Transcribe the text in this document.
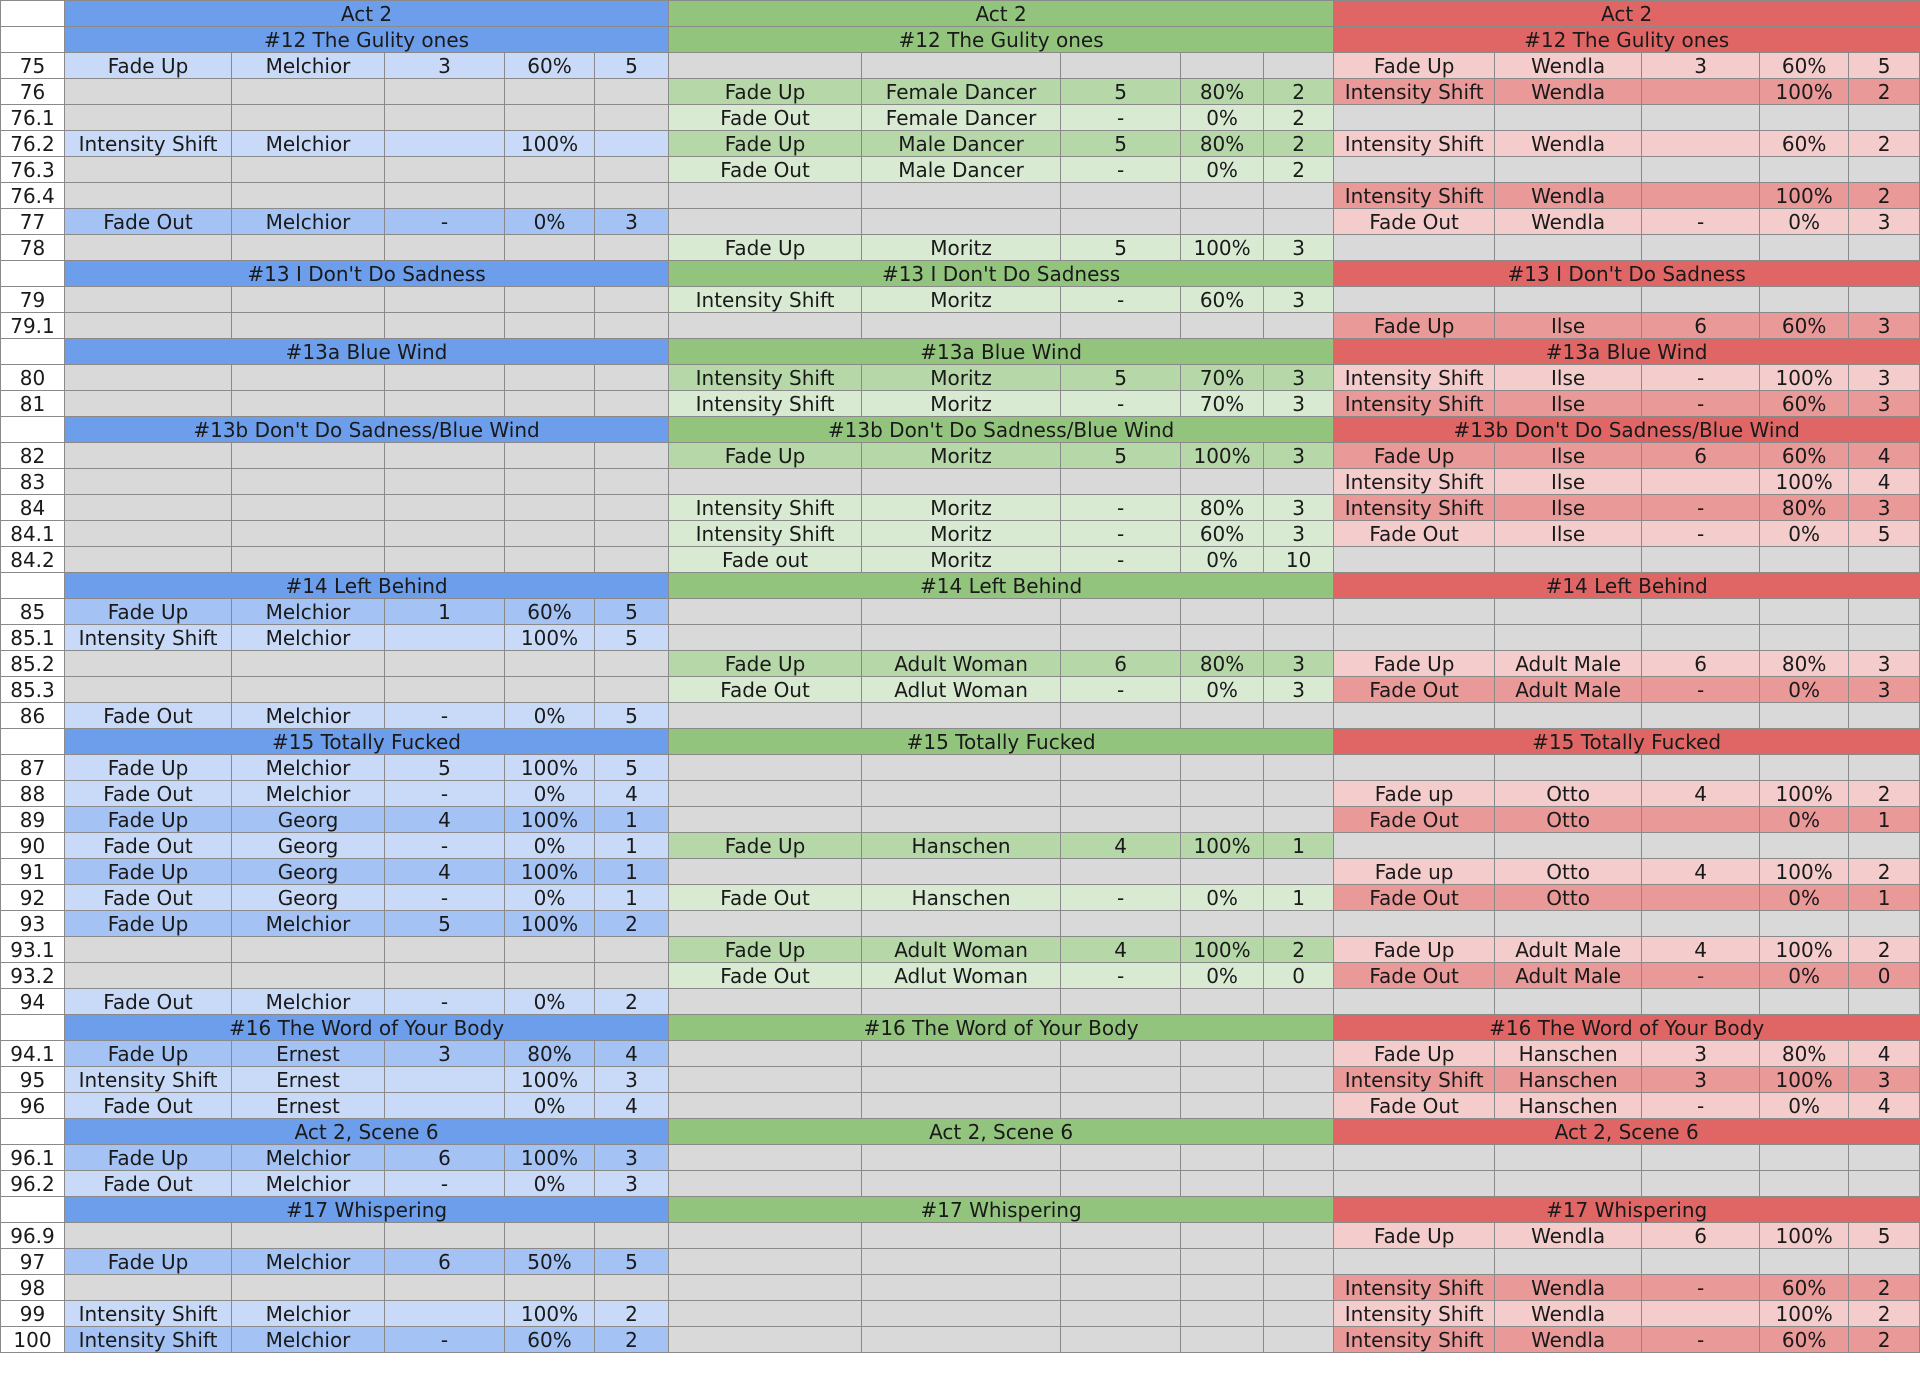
	Act 2					Act 2					Act 2				
	#12 The Gulity ones					#12 The Gulity ones					#12 The Gulity ones				
75	Fade Up	Melchior	3	60%	5						Fade Up	Wendla	3	60%	5
76						Fade Up	Female Dancer	5	80%	2	Intensity Shift	Wendla		100%	2
76.1						Fade Out	Female Dancer	-	0%	2					
76.2	Intensity Shift	Melchior		100%		Fade Up	Male Dancer	5	80%	2	Intensity Shift	Wendla		60%	2
76.3						Fade Out	Male Dancer	-	0%	2					
76.4											Intensity Shift	Wendla		100%	2
77	Fade Out	Melchior	-	0%	3						Fade Out	Wendla	-	0%	3
78						Fade Up	Moritz	5	100%	3					
	#13 I Don't Do Sadness					#13 I Don't Do Sadness					#13 I Don't Do Sadness				
79						Intensity Shift	Moritz	-	60%	3					
79.1											Fade Up	Ilse	6	60%	3
	#13a Blue Wind					#13a Blue Wind					#13a Blue Wind				
80						Intensity Shift	Moritz	5	70%	3	Intensity Shift	Ilse	-	100%	3
81						Intensity Shift	Moritz	-	70%	3	Intensity Shift	Ilse	-	60%	3
	#13b Don't Do Sadness/Blue Wind					#13b Don't Do Sadness/Blue Wind					#13b Don't Do Sadness/Blue Wind				
82						Fade Up	Moritz	5	100%	3	Fade Up	Ilse	6	60%	4
83											Intensity Shift	Ilse		100%	4
84						Intensity Shift	Moritz	-	80%	3	Intensity Shift	Ilse	-	80%	3
84.1						Intensity Shift	Moritz	-	60%	3	Fade Out	Ilse	-	0%	5
84.2						Fade out	Moritz	-	0%	10					
	#14 Left Behind					#14 Left Behind					#14 Left Behind				
85	Fade Up	Melchior	1	60%	5										
85.1	Intensity Shift	Melchior		100%	5										
85.2						Fade Up	Adult Woman	6	80%	3	Fade Up	Adult Male	6	80%	3
85.3						Fade Out	Adlut Woman	-	0%	3	Fade Out	Adult Male	-	0%	3
86	Fade Out	Melchior	-	0%	5										
	#15 Totally Fucked					#15 Totally Fucked					#15 Totally Fucked				
87	Fade Up	Melchior	5	100%	5										
88	Fade Out	Melchior	-	0%	4						Fade up	Otto	4	100%	2
89	Fade Up	Georg	4	100%	1						Fade Out	Otto		0%	1
90	Fade Out	Georg	-	0%	1	Fade Up	Hanschen	4	100%	1					
91	Fade Up	Georg	4	100%	1						Fade up	Otto	4	100%	2
92	Fade Out	Georg	-	0%	1	Fade Out	Hanschen	-	0%	1	Fade Out	Otto		0%	1
93	Fade Up	Melchior	5	100%	2										
93.1						Fade Up	Adult Woman	4	100%	2	Fade Up	Adult Male	4	100%	2
93.2						Fade Out	Adlut Woman	-	0%	0	Fade Out	Adult Male	-	0%	0
94	Fade Out	Melchior	-	0%	2										
	#16 The Word of Your Body					#16 The Word of Your Body					#16 The Word of Your Body				
94.1	Fade Up	Ernest	3	80%	4						Fade Up	Hanschen	3	80%	4
95	Intensity Shift	Ernest		100%	3						Intensity Shift	Hanschen	3	100%	3
96	Fade Out	Ernest		0%	4						Fade Out	Hanschen	-	0%	4
	Act 2, Scene 6					Act 2, Scene 6					Act 2, Scene 6				
96.1	Fade Up	Melchior	6	100%	3										
96.2	Fade Out	Melchior	-	0%	3										
	#17 Whispering					#17 Whispering					#17 Whispering				
96.9											Fade Up	Wendla	6	100%	5
97	Fade Up	Melchior	6	50%	5										
98											Intensity Shift	Wendla	-	60%	2
99	Intensity Shift	Melchior		100%	2						Intensity Shift	Wendla		100%	2
100	Intensity Shift	Melchior	-	60%	2						Intensity Shift	Wendla	-	60%	2
